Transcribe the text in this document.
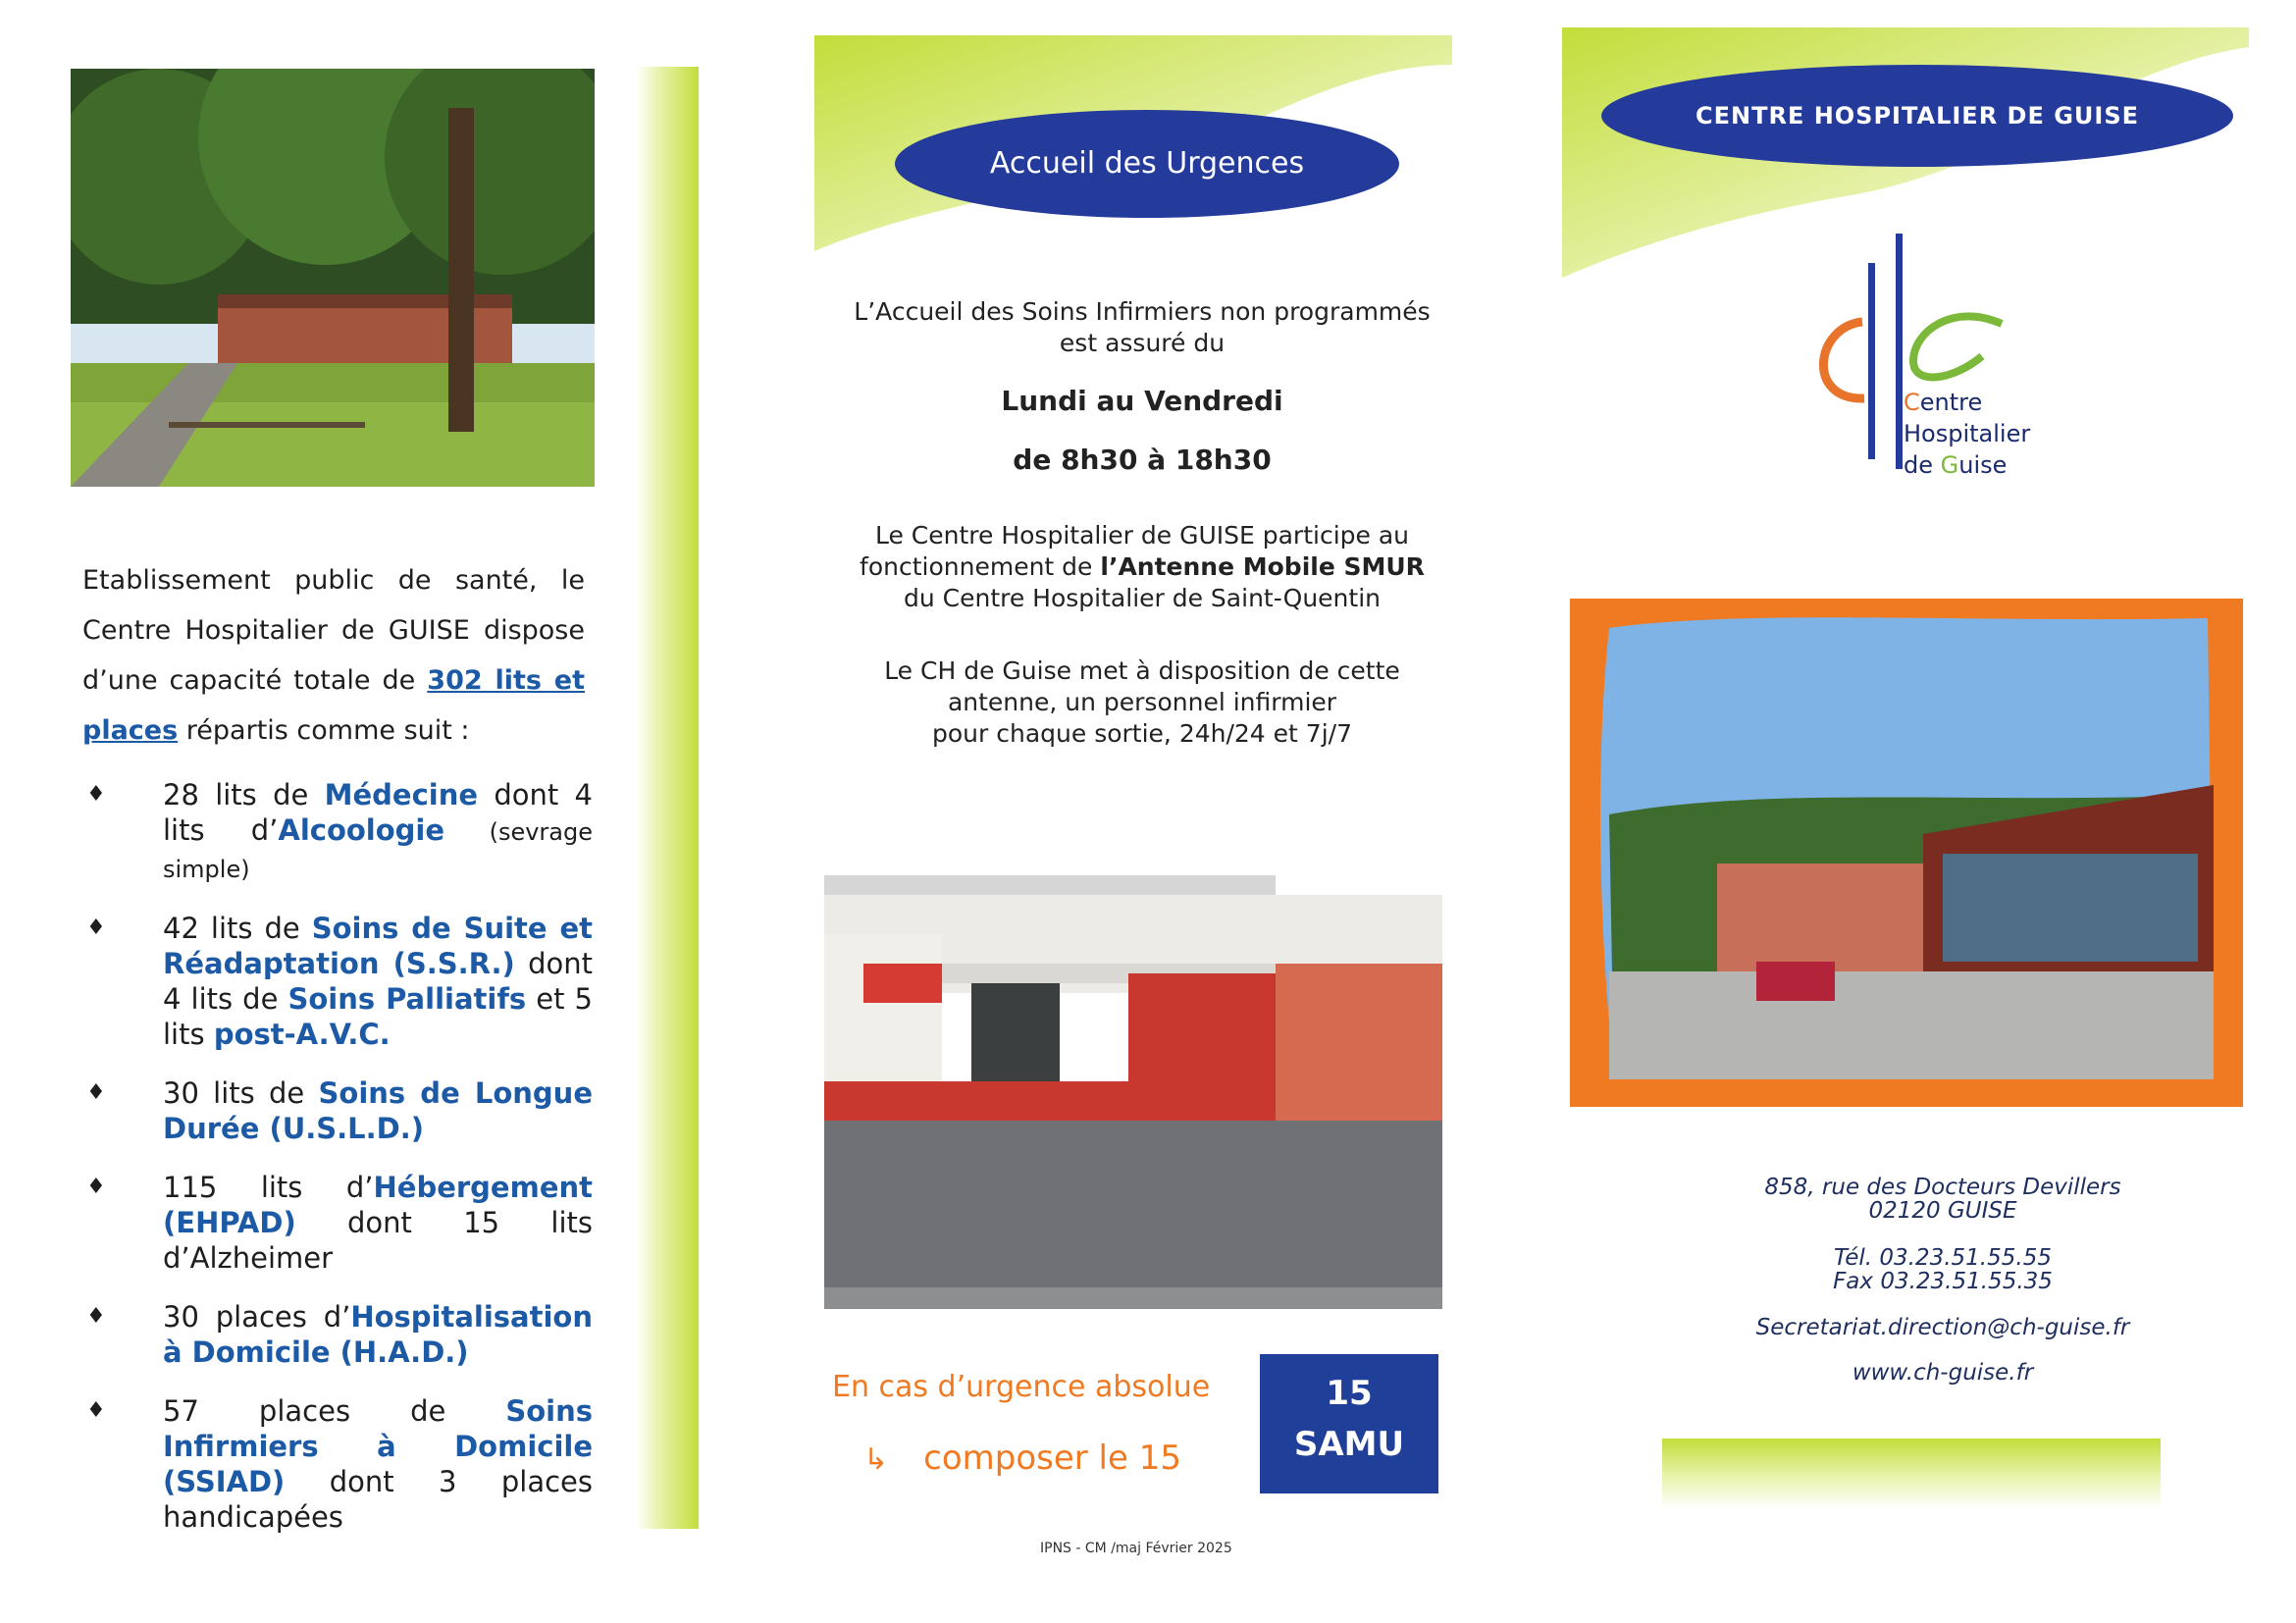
Etablissement public de santé, le Centre Hospitalier de GUISE dispose d’une capacité totale de 302 lits et places répartis comme suit :
♦ 28 lits de Médecine dont 4 lits d’Alcoologie (sevrage simple)
♦ 42 lits de Soins de Suite et Réadaptation (S.S.R.) dont 4 lits de Soins Palliatifs et 5 lits post-A.V.C.
♦ 30 lits de Soins de Longue Durée (U.S.L.D.)
♦ 115 lits d’Hébergement (EHPAD) dont 15 lits d’Alzheimer
♦ 30 places d’Hospitalisation à Domicile (H.A.D.)
♦ 57 places de Soins Infirmiers à Domicile (SSIAD) dont 3 places handicapées
Accueil des Urgences
L’Accueil des Soins Infirmiers non programmés
est assuré du
Lundi au Vendredi
de 8h30 à 18h30
Le Centre Hospitalier de GUISE participe au
fonctionnement de l’Antenne Mobile SMUR
du Centre Hospitalier de Saint-Quentin
Le CH de Guise met à disposition de cette
antenne, un personnel infirmier
pour chaque sortie, 24h/24 et 7j/7
En cas d’urgence absolue
↳ composer le 15
15
SAMU
IPNS - CM /maj Février 2025
CENTRE HOSPITALIER DE GUISE
Centre
Hospitalier
de Guise
858, rue des Docteurs Devillers
02120 GUISE
Tél. 03.23.51.55.55
Fax 03.23.51.55.35
Secretariat.direction@ch-guise.fr
www.ch-guise.fr
